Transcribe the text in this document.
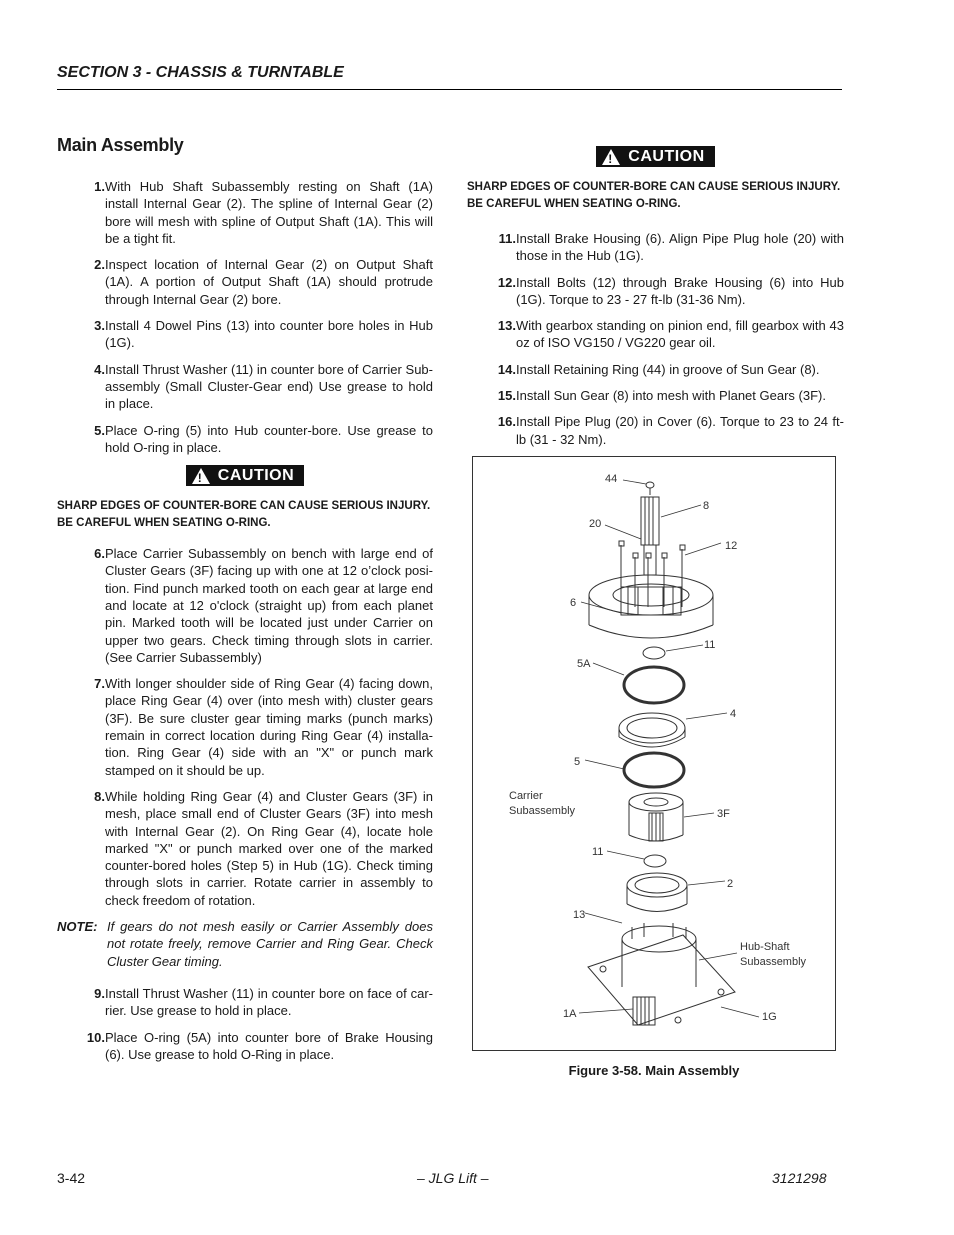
SECTION 3 - CHASSIS & TURNTABLE
Main Assembly
1. With Hub Shaft Subassembly resting on Shaft (1A) install Internal Gear (2). The spline of Internal Gear (2) bore will mesh with spline of Output Shaft (1A). This will be a tight fit.
2. Inspect location of Internal Gear (2) on Output Shaft (1A). A portion of Output Shaft (1A) should protrude through Internal Gear (2) bore.
3. Install 4 Dowel Pins (13) into counter bore holes in Hub (1G).
4. Install Thrust Washer (11) in counter bore of Carrier Sub-assembly (Small Cluster-Gear end) Use grease to hold in place.
5. Place O-ring (5) into Hub counter-bore. Use grease to hold O-ring in place.
!
CAUTION
SHARP EDGES OF COUNTER-BORE CAN CAUSE SERIOUS INJURY. BE CAREFUL WHEN SEATING O-RING.
6. Place Carrier Subassembly on bench with large end of Cluster Gears (3F) facing up with one at 12 o’clock posi-tion. Find punch marked tooth on each gear at large end and locate at 12 o'clock (straight up) from each planet pin. Marked tooth will be located just under Carrier on upper two gears. Check timing through slots in carrier. (See Carrier Subassembly)
7. With longer shoulder side of Ring Gear (4) facing down, place Ring Gear (4) over (into mesh with) cluster gears (3F). Be sure cluster gear timing marks (punch marks) remain in correct location during Ring Gear (4) installa-tion. Ring Gear (4) side with an "X" or punch mark stamped on it should be up.
8. While holding Ring Gear (4) and Cluster Gears (3F) in mesh, place small end of Cluster Gears (3F) into mesh with Internal Gear (2). On Ring Gear (4), locate hole marked "X" or punch marked over one of the marked counter-bored holes (Step 5) in Hub (1G). Check timing through slots in carrier. Rotate carrier in assembly to check freedom of rotation.
NOTE: If gears do not mesh easily or Carrier Assembly does not rotate freely, remove Carrier and Ring Gear. Check Cluster Gear timing.
9. Install Thrust Washer (11) in counter bore on face of car-rier. Use grease to hold in place.
10. Place O-ring (5A) into counter bore of Brake Housing (6). Use grease to hold O-Ring in place.
!
CAUTION
SHARP EDGES OF COUNTER-BORE CAN CAUSE SERIOUS INJURY. BE CAREFUL WHEN SEATING O-RING.
11. Install Brake Housing (6). Align Pipe Plug hole (20) with those in the Hub (1G).
12. Install Bolts (12) through Brake Housing (6) into Hub (1G). Torque to 23 - 27 ft-lb (31-36 Nm).
13. With gearbox standing on pinion end, fill gearbox with 43 oz of ISO VG150 / VG220 gear oil.
14. Install Retaining Ring (44) in groove of Sun Gear (8).
15. Install Sun Gear (8) into mesh with Planet Gears (3F).
16. Install Pipe Plug (20) in Cover (6). Torque to 23 to 24 ft-lb (31 - 32 Nm).
44
8
20
12
6
11
5A
4
5
Carrier
Subassembly	3F
11
2
13
Hub-Shaft
Subassembly
1A	1G
Figure 3-58. Main Assembly
3-42	– JLG Lift –	3121298
